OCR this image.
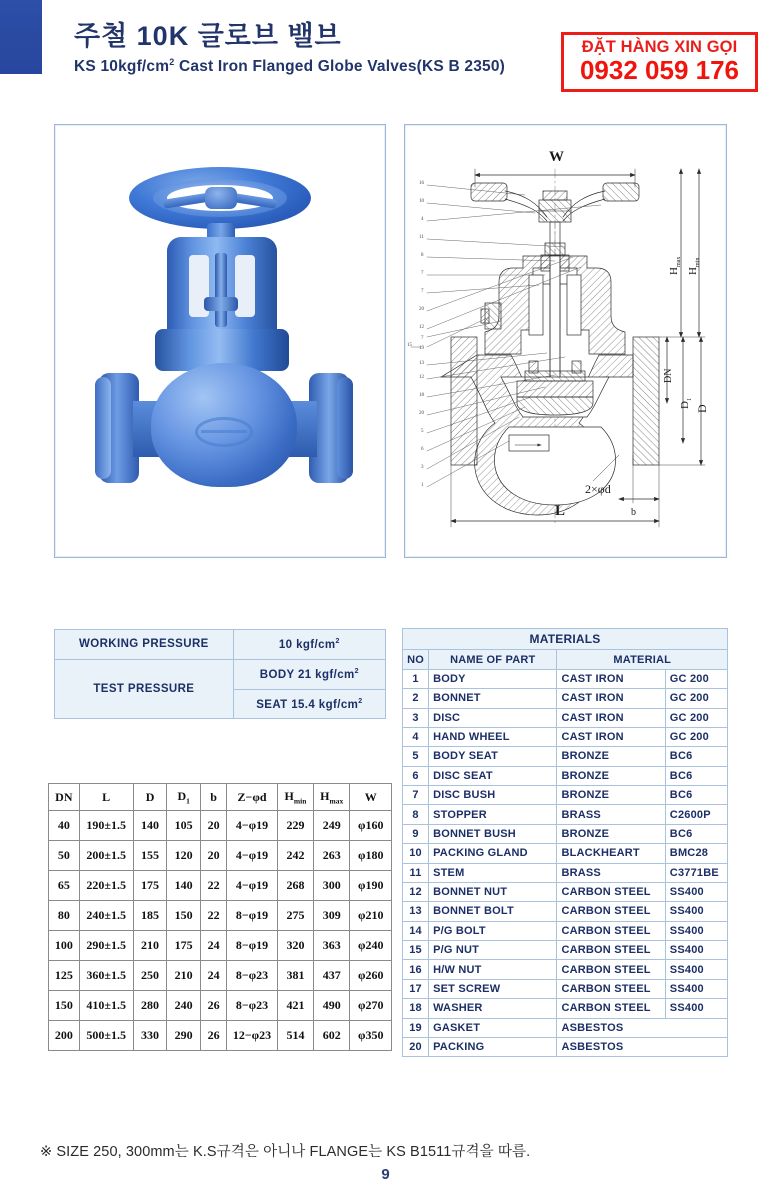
주철 10K 글로브 밸브
KS $10kgf/cm^2$ Cast Iron Flanged Globe Valves(KS B 2350)
ĐẶT HÀNG XIN GỌI
0932 059 176
W
L	b
2×φd
H
max
H
min
DN
D
1
D
16
10
4
11
8
7
7
20
12
7
19
13
12
18
20
5
6
3
1
15
WORKING PRESSURE	10 kgf/$cm^2$
TEST PRESSURE	BODY 21 kgf/$cm^2$
	SEAT 15.4 kgf/$cm^2$
DN	L	D	$D_1$	b	Z−φd	$H_{min}$	$H_{max}$	W
40	190±1.5	140	105	20	4−φ19	229	249	φ160
50	200±1.5	155	120	20	4−φ19	242	263	φ180
65	220±1.5	175	140	22	4−φ19	268	300	φ190
80	240±1.5	185	150	22	8−φ19	275	309	φ210
100	290±1.5	210	175	24	8−φ19	320	363	φ240
125	360±1.5	250	210	24	8−φ23	381	437	φ260
150	410±1.5	280	240	26	8−φ23	421	490	φ270
200	500±1.5	330	290	26	12−φ23	514	602	φ350
MATERIALS			
NO	NAME OF PART	MATERIAL	
1	BODY	CAST IRON	GC 200
2	BONNET	CAST IRON	GC 200
3	DISC	CAST IRON	GC 200
4	HAND WHEEL	CAST IRON	GC 200
5	BODY SEAT	BRONZE	BC6
6	DISC SEAT	BRONZE	BC6
7	DISC BUSH	BRONZE	BC6
8	STOPPER	BRASS	C2600P
9	BONNET BUSH	BRONZE	BC6
10	PACKING GLAND	BLACKHEART	BMC28
11	STEM	BRASS	C3771BE
12	BONNET NUT	CARBON STEEL	SS400
13	BONNET BOLT	CARBON STEEL	SS400
14	P/G BOLT	CARBON STEEL	SS400
15	P/G NUT	CARBON STEEL	SS400
16	H/W NUT	CARBON STEEL	SS400
17	SET SCREW	CARBON STEEL	SS400
18	WASHER	CARBON STEEL	SS400
19	GASKET	ASBESTOS	
20	PACKING	ASBESTOS	
※ SIZE 250, 300mm는 K.S규격은 아니나 FLANGE는 KS B1511규격을 따름.
9
